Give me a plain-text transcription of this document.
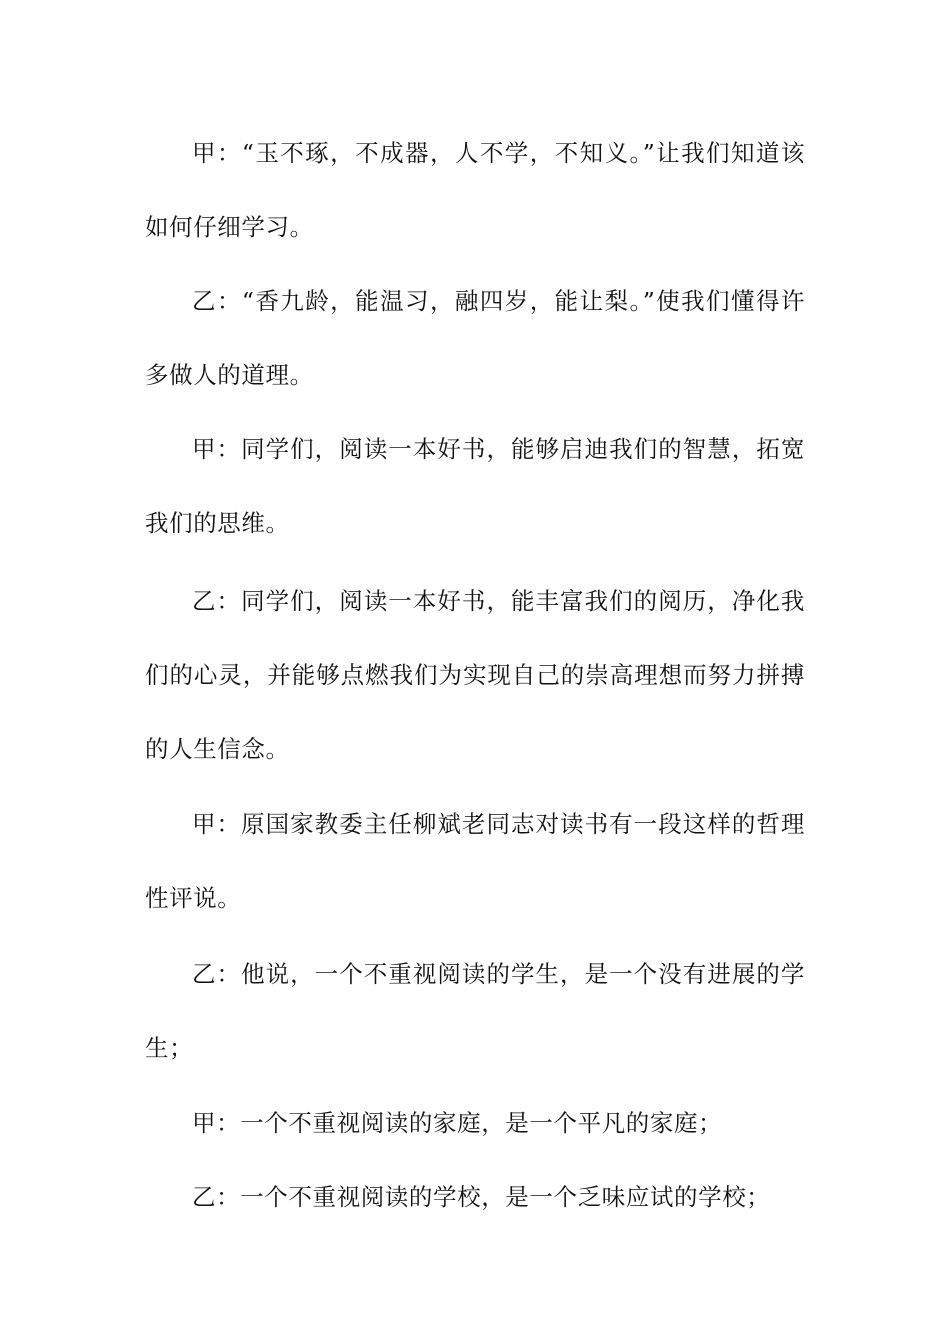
甲：“玉不琢，不成器，人不学，不知义。”让我们知道该如何仔细学习。

乙：“香九龄，能温习，融四岁，能让梨。”使我们懂得许多做人的道理。

甲：同学们，阅读一本好书，能够启迪我们的智慧，拓宽我们的思维。

乙：同学们，阅读一本好书，能丰富我们的阅历，净化我们的心灵，并能够点燃我们为实现自己的崇高理想而努力拼搏的人生信念。

甲：原国家教委主任柳斌老同志对读书有一段这样的哲理性评说。

乙：他说，一个不重视阅读的学生，是一个没有进展的学生；

甲：一个不重视阅读的家庭，是一个平凡的家庭；

乙：一个不重视阅读的学校，是一个乏味应试的学校；
